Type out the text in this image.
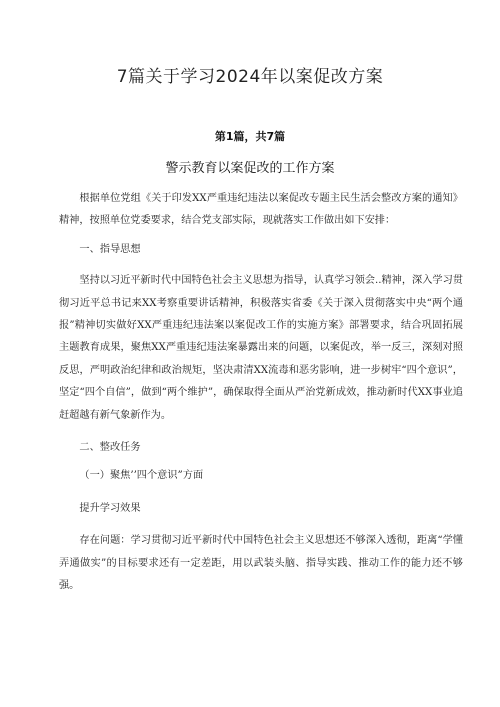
7篇关于学习2024年以案促改方案
第1篇，共7篇
警示教育以案促改的工作方案

根据单位党组《关于印发XX严重违纪违法以案促改专题主民生活会整改方案的通知》精神，按照单位党委要求，结合党支部实际，现就落实工作做出如下安排：

一、指导思想

坚持以习近平新时代中国特色社会主义思想为指导，认真学习领会..精神，深入学习贯彻习近平总书记来XX考察重要讲话精神，积极落实省委《关于深入贯彻落实中央“两个通报”精神切实做好XX严重违纪违法案以案促改工作的实施方案》部署要求，结合巩固拓展主题教育成果，聚焦XX严重违纪违法案暴露出来的问题，以案促改，举一反三，深刻对照反思，严明政治纪律和政治规矩，坚决肃清XX流毒和恶劣影响，进一步树牢“四个意识”，坚定“四个自信”，做到“两个维护”，确保取得全面从严治党新成效，推动新时代XX事业追赶超越有新气象新作为。

二、整改任务

（一）聚焦’’四个意识”方面

提升学习效果

存在问题：学习贯彻习近平新时代中国特色社会主义思想还不够深入透彻，距离“学懂弄通做实”的目标要求还有一定差距，用以武装头脑、指导实践、推动工作的能力还不够强。
